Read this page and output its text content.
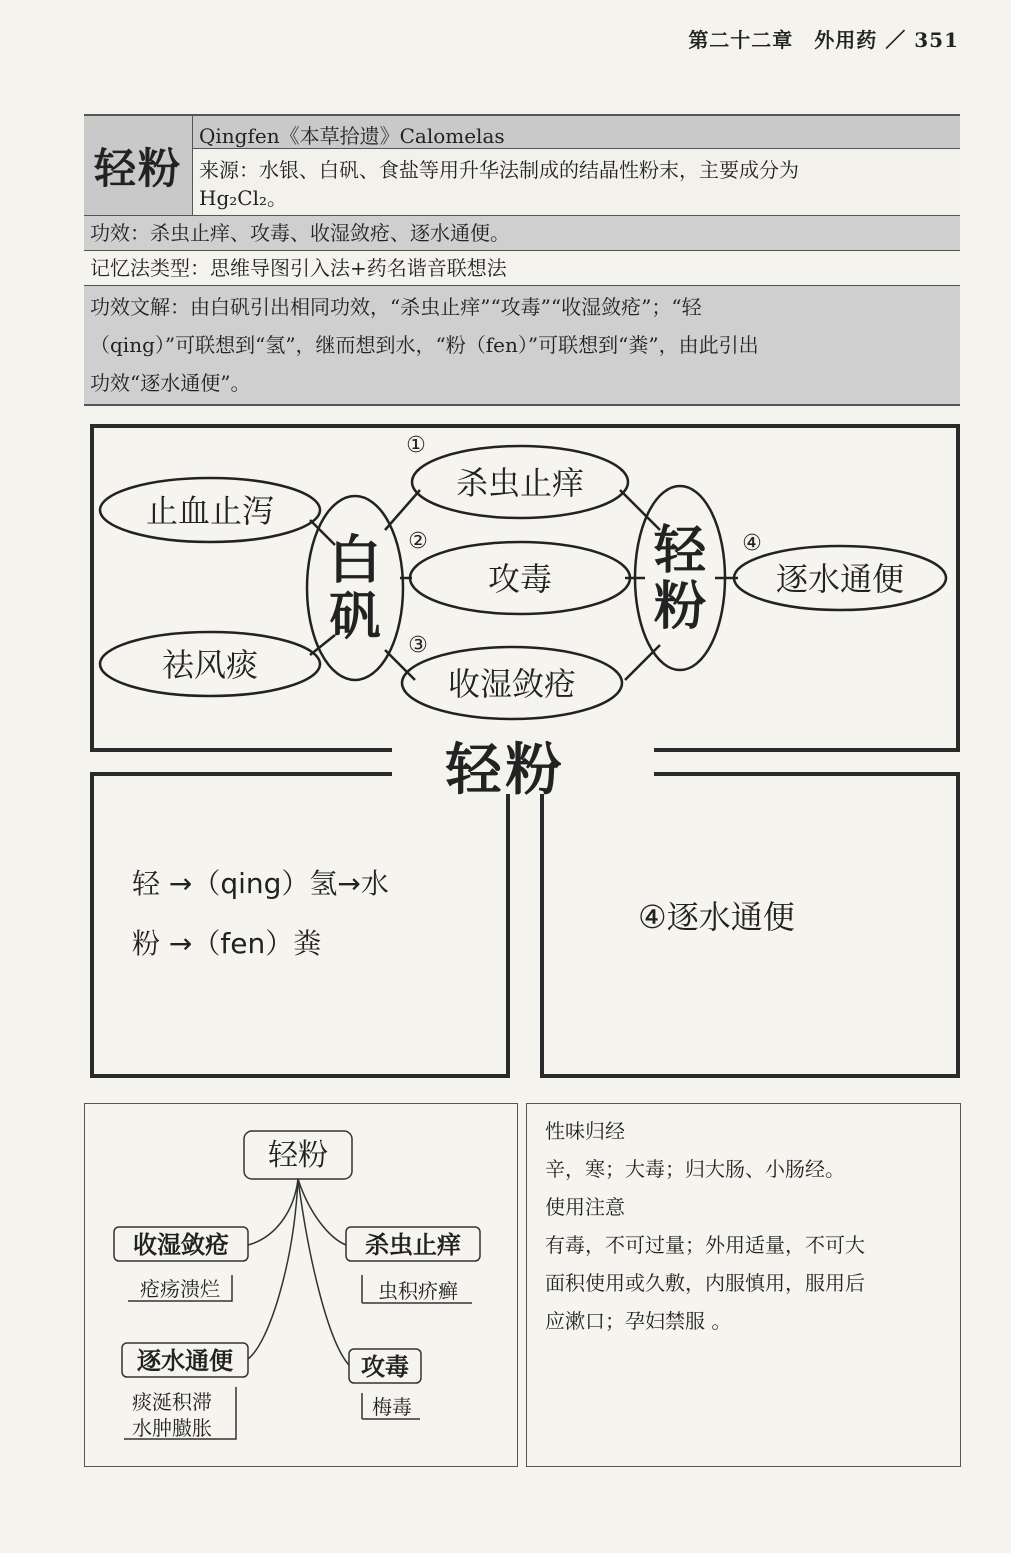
第二十二章　外用药 ／ 351
轻粉
Qingfen《本草拾遗》Calomelas
来源：水银、白矾、食盐等用升华法制成的结晶性粉末，主要成分为
Hg₂Cl₂。
功效：杀虫止痒、攻毒、收湿敛疮、逐水通便。
记忆法类型：思维导图引入法+药名谐音联想法
功效文解：由白矾引出相同功效，“杀虫止痒”“攻毒”“收湿敛疮”；“轻
（qing）”可联想到“氢”，继而想到水，“粉（fen）”可联想到“粪”，由此引出
功效“逐水通便”。
止血止泻
祛风痰
白
矾
杀虫止痒
攻毒
收湿敛疮
轻
粉 逐水通便
①
②
③
④
轻粉
轻 →（qing）氢→水
粉 →（fen）粪
④逐水通便
轻粉
收湿敛疮	杀虫止痒
逐水通便	攻毒
疮疡溃烂	虫积疥癣
痰涎积滞
水肿臌胀
梅毒
性味归经
辛，寒；大毒；归大肠、小肠经。
使用注意
有毒，不可过量；外用适量，不可大
面积使用或久敷，内服慎用，服用后
应漱口；孕妇禁服 。
